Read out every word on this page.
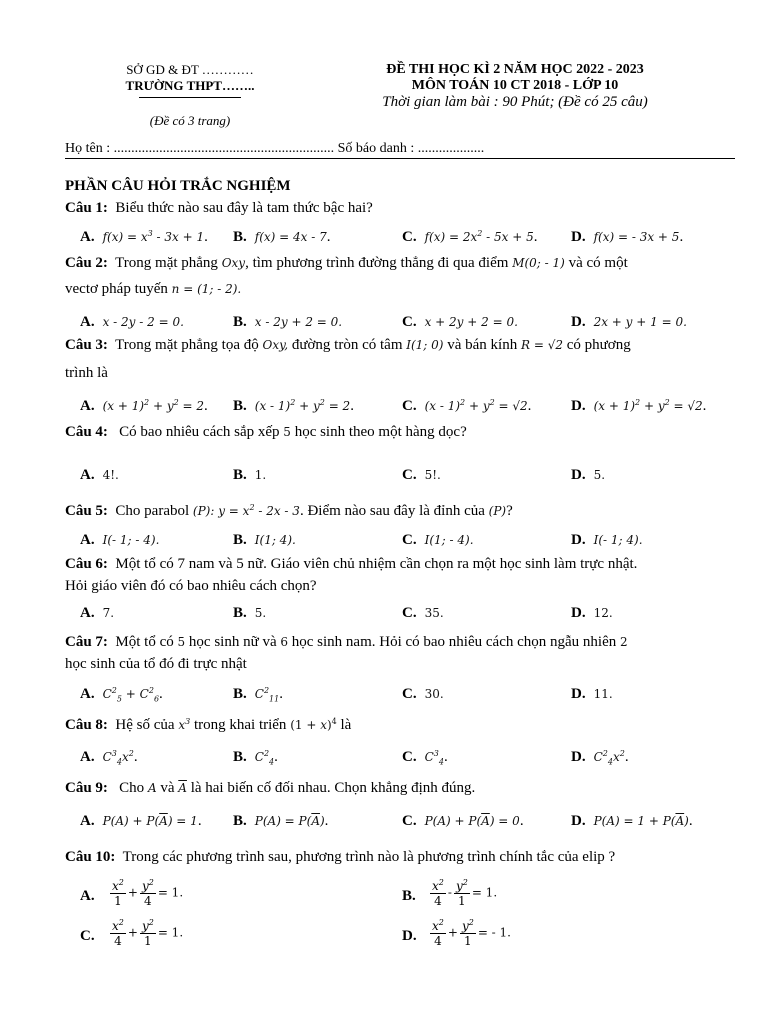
SỞ GD & ĐT …………
TRƯỜNG THPT……..
(Đề có 3 trang)
ĐỀ THI HỌC KÌ 2 NĂM HỌC 2022 - 2023
MÔN TOÁN 10 CT 2018 - LỚP 10
Thời gian làm bài : 90 Phút; (Đề có 25 câu)
Họ tên : ............................................................... Số báo danh : ...................
PHẦN CÂU HỎI TRẮC NGHIỆM
Câu 1: Biểu thức nào sau đây là tam thức bậc hai?
A. $f(x) = x^3 - 3x + 1$. B. f(x) = 4x - 7.	C. $f(x) = 2x^2 - 5x + 5$. D. f(x) = - 3x + 5.
Câu 2: Trong mặt phẳng Oxy, tìm phương trình đường thẳng đi qua điểm M(0; - 1) và có một
vectơ pháp tuyến n = (1; - 2).
A. x - 2y - 2 = 0.	B. x - 2y + 2 = 0.	C. x + 2y + 2 = 0.	D. 2x + y + 1 = 0.
Câu 3: Trong mặt phẳng tọa độ Oxy, đường tròn có tâm I(1; 0) và bán kính R = √2 có phương
trình là
A. $(x + 1)^2 + y^2 = 2$. B. $(x - 1)^2 + y^2 = 2$.	C. $(x - 1)^2 + y^2 = √2$.	D. $(x + 1)^2 + y^2 = √2$.
Câu 4: Có bao nhiêu cách sắp xếp 5 học sinh theo một hàng dọc?
A. 4!.	B. 1.	C. 5!.	D. 5.
Câu 5: Cho parabol (P): $y = x^2 - 2x - 3$. Điểm nào sau đây là đỉnh của (P)?
A. I(- 1; - 4).	B. I(1; 4).	C. I(1; - 4).	D. I(- 1; 4).
Câu 6: Một tổ có 7 nam và 5 nữ. Giáo viên chủ nhiệm cần chọn ra một học sinh làm trực nhật.
Hỏi giáo viên đó có bao nhiêu cách chọn?
A. 7.	B. 5.	C. 35.	D. 12.
Câu 7: Một tổ có 5 học sinh nữ và 6 học sinh nam. Hỏi có bao nhiêu cách chọn ngẫu nhiên 2
học sinh của tổ đó đi trực nhật
A. $C^2_5 + C^2_6$.	B. $C^2_{11}$.	C. 30.	D. 11.
Câu 8: Hệ số của $x^3$ trong khai triển $(1 + x)^4$ là
A. $C^3_4x^2$.	B. $C^2_4$.	C. $C^3_4$.	D. $C^2_4x^2$.
Câu 9: Cho A và $\overline{A}$ là hai biến cố đối nhau. Chọn khẳng định đúng.
A. $P(A) + P(\overline{A}) = 1$. B. $P(A) = P(\overline{A})$.	C. $P(A) + P(\overline{A}) = 0$.	D. $P(A) = 1 + P(\overline{A})$.
Câu 10: Trong các phương trình sau, phương trình nào là phương trình chính tắc của elip ?
A.	$\frac{x^2}{1} + \frac{y^2}{4} = 1$.	B.	$\frac{x^2}{4} - \frac{y^2}{1} = 1$.
C.	$\frac{x^2}{4} + \frac{y^2}{1} = 1$.	D.	$\frac{x^2}{4} + \frac{y^2}{1}$ = - 1.
